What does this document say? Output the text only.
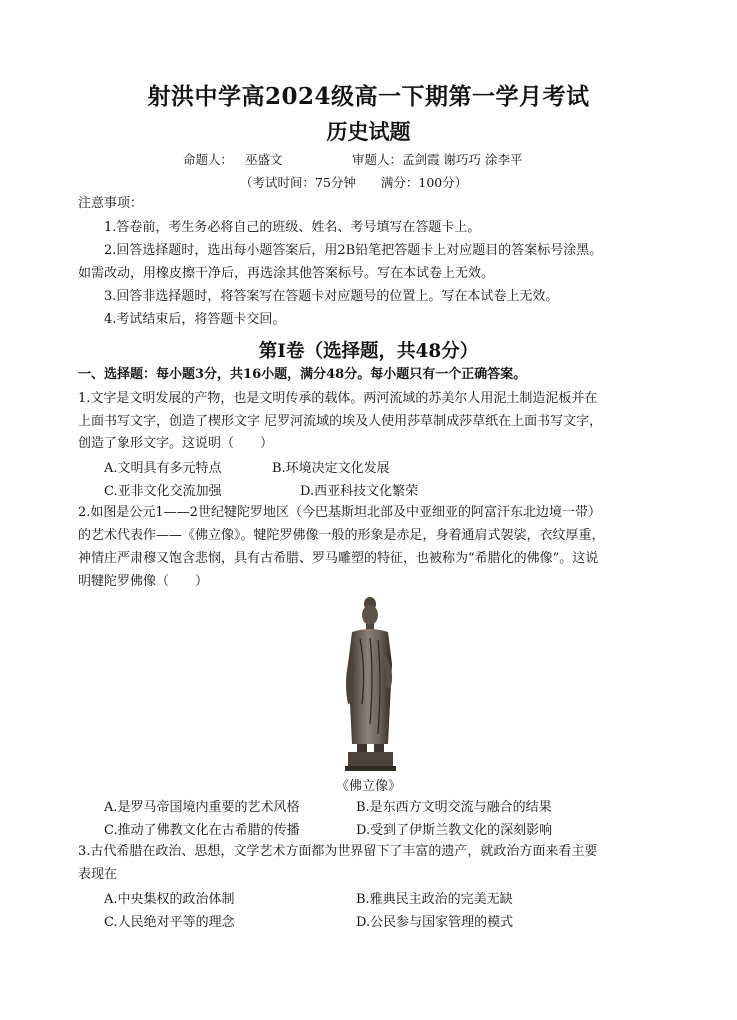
射洪中学高2024级高一下期第一学月考试
历史试题
命题人： 巫盛文	审题人：孟剑霞 谢巧巧 涂李平
（考试时间：75分钟　　满分：100分）
注意事项：
1.答卷前，考生务必将自己的班级、姓名、考号填写在答题卡上。
2.回答选择题时，选出每小题答案后，用2B铅笔把答题卡上对应题目的答案标号涂黑。
如需改动，用橡皮擦干净后，再选涂其他答案标号。写在本试卷上无效。
3.回答非选择题时，将答案写在答题卡对应题号的位置上。写在本试卷上无效。
4.考试结束后，将答题卡交回。
第I卷（选择题，共48分）
一、选择题：每小题3分，共16小题，满分48分。每小题只有一个正确答案。
1.文字是文明发展的产物，也是文明传承的载体。两河流域的苏美尔人用泥土制造泥板并在
上面书写文字，创造了楔形文字 尼罗河流域的埃及人使用莎草制成莎草纸在上面书写文字，
创造了象形文字。这说明（　　）
A.文明具有多元特点	B.环境决定文化发展
C.亚非文化交流加强	D.西亚科技文化繁荣
2.如图是公元1——2世纪犍陀罗地区（今巴基斯坦北部及中亚细亚的阿富汗东北边境一带）
的艺术代表作——《佛立像》。犍陀罗佛像一般的形象是赤足，身着通肩式袈裟，衣纹厚重，
神情庄严肃穆又饱含悲悯，具有古希腊、罗马雕塑的特征，也被称为“希腊化的佛像”。这说
明犍陀罗佛像（　　）
《佛立像》
A.是罗马帝国境内重要的艺术风格	B.是东西方文明交流与融合的结果
C.推动了佛教文化在古希腊的传播	D.受到了伊斯兰教文化的深刻影响
3.古代希腊在政治、思想，文学艺术方面都为世界留下了丰富的遗产，就政治方面来看主要
表现在
A.中央集权的政治体制	B.雅典民主政治的完美无缺
C.人民绝对平等的理念	D.公民参与国家管理的模式
